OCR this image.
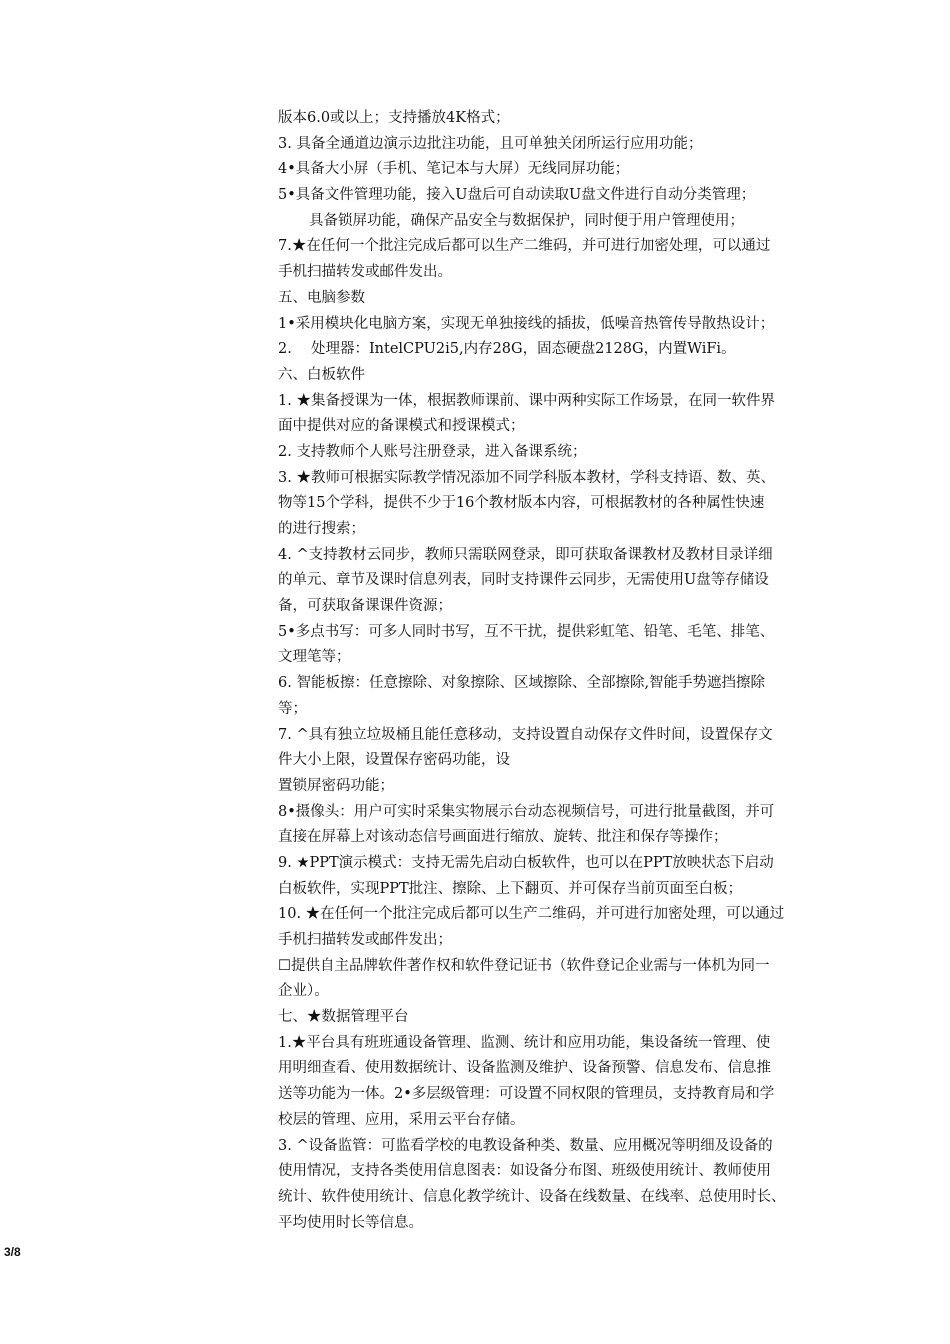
版本6.0或以上；支持播放4K格式；
3. 具备全通道边演示边批注功能，且可单独关闭所运行应用功能；
4•具备大小屏（手机、笔记本与大屏）无线同屏功能；
5•具备文件管理功能，接入U盘后可自动读取U盘文件进行自动分类管理；
具备锁屏功能，确保产品安全与数据保护，同时便于用户管理使用；
7.★在任何一个批注完成后都可以生产二维码，并可进行加密处理，可以通过
手机扫描转发或邮件发出。
五、电脑参数
1•采用模块化电脑方案，实现无单独接线的插拔，低噪音热管传导散热设计；
2.　 处理器：IntelCPU2i5,内存28G，固态硬盘2128G，内置WiFi。
六、白板软件
1. ★集备授课为一体，根据教师课前、课中两种实际工作场景，在同一软件界
面中提供对应的备课模式和授课模式；
2. 支持教师个人账号注册登录，进入备课系统；
3. ★教师可根据实际教学情况添加不同学科版本教材，学科支持语、数、英、
物等15个学科，提供不少于16个教材版本内容，可根据教材的各种属性快速
的进行搜索；
4. ^支持教材云同步，教师只需联网登录，即可获取备课教材及教材目录详细
的单元、章节及课时信息列表，同时支持课件云同步，无需使用U盘等存储设
备，可获取备课课件资源；
5•多点书写：可多人同时书写，互不干扰，提供彩虹笔、铅笔、毛笔、排笔、
文理笔等；
6. 智能板擦：任意擦除、对象擦除、区域擦除、全部擦除,智能手势遮挡擦除
等；
7. ^具有独立垃圾桶且能任意移动，支持设置自动保存文件时间，设置保存文
件大小上限，设置保存密码功能，设
置锁屏密码功能；
8•摄像头：用户可实时采集实物展示台动态视频信号，可进行批量截图，并可
直接在屏幕上对该动态信号画面进行缩放、旋转、批注和保存等操作；
9. ★PPT演示模式：支持无需先启动白板软件，也可以在PPT放映状态下启动
白板软件，实现PPT批注、擦除、上下翻页、并可保存当前页面至白板；
10. ★在任何一个批注完成后都可以生产二维码，并可进行加密处理，可以通过
手机扫描转发或邮件发出；
☐提供自主品牌软件著作权和软件登记证书（软件登记企业需与一体机为同一
企业）。
七、★数据管理平台
1.★平台具有班班通设备管理、监测、统计和应用功能，集设备统一管理、使
用明细查看、使用数据统计、设备监测及维护、设备预警、信息发布、信息推
送等功能为一体。2•多层级管理：可设置不同权限的管理员，支持教育局和学
校层的管理、应用，采用云平台存储。
3. ^设备监管：可监看学校的电教设备种类、数量、应用概况等明细及设备的
使用情况，支持各类使用信息图表：如设备分布图、班级使用统计、教师使用
统计、软件使用统计、信息化教学统计、设备在线数量、在线率、总使用时长、
平均使用时长等信息。
3/8
